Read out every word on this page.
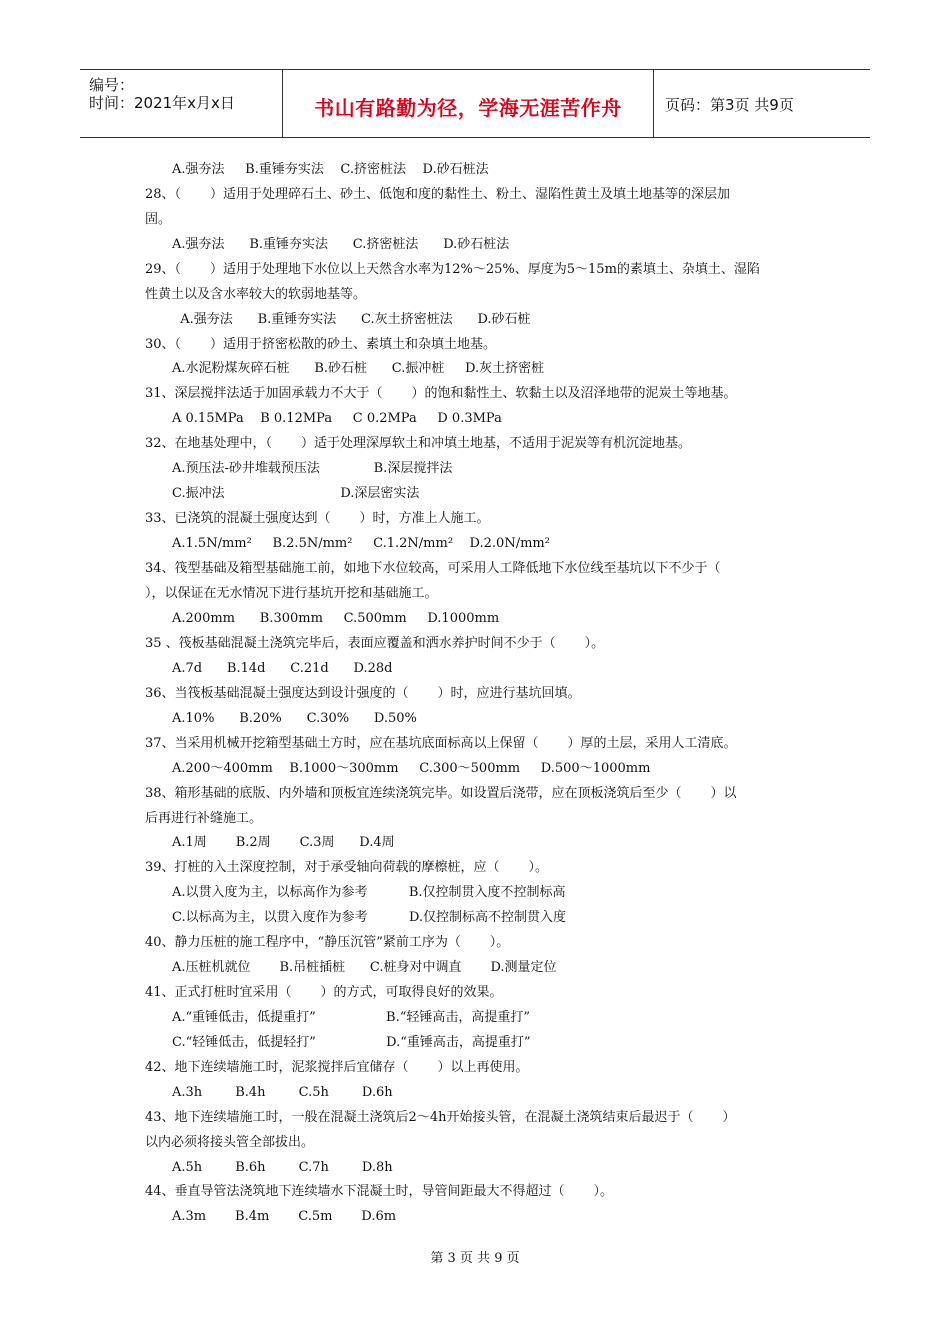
编号：
时间：2021年x月x日	书山有路勤为径，学海无涯苦作舟	页码：第3页 共9页
A.强夯法     B.重锤夯实法    C.挤密桩法    D.砂石桩法
28、（       ）适用于处理碎石土、砂土、低饱和度的黏性土、粉土、湿陷性黄土及填土地基等的深层加
固。
A.强夯法      B.重锤夯实法      C.挤密桩法      D.砂石桩法
29、（       ）适用于处理地下水位以上天然含水率为12%～25%、厚度为5～15m的素填土、杂填土、湿陷
性黄土以及含水率较大的软弱地基等。
A.强夯法      B.重锤夯实法      C.灰土挤密桩法      D.砂石桩
30、（       ）适用于挤密松散的砂土、素填土和杂填土地基。
A.水泥粉煤灰碎石桩      B.砂石桩      C.振冲桩     D.灰土挤密桩
31、深层搅拌法适于加固承载力不大于（       ）的饱和黏性土、软黏土以及沼泽地带的泥炭土等地基。
A 0.15MPa    B 0.12MPa     C 0.2MPa     D 0.3MPa
32、在地基处理中，（       ）适于处理深厚软土和冲填土地基，不适用于泥炭等有机沉淀地基。
A.预压法-砂井堆载预压法             B.深层搅拌法
C.振冲法                            D.深层密实法
33、已浇筑的混凝土强度达到（       ）时，方准上人施工。
A.1.5N/mm²     B.2.5N/mm²     C.1.2N/mm²    D.2.0N/mm²
34、筏型基础及箱型基础施工前，如地下水位较高，可采用人工降低地下水位线至基坑以下不少于（
），以保证在无水情况下进行基坑开挖和基础施工。
A.200mm      B.300mm     C.500mm     D.1000mm
35 、筏板基础混凝土浇筑完毕后，表面应覆盖和洒水养护时间不少于（       ）。
A.7d      B.14d      C.21d      D.28d
36、当筏板基础混凝土强度达到设计强度的（       ）时，应进行基坑回填。
A.10%      B.20%      C.30%      D.50%
37、当采用机械开挖箱型基础土方时，应在基坑底面标高以上保留（       ）厚的土层，采用人工清底。
A.200～400mm    B.1000～300mm     C.300～500mm     D.500～1000mm
38、箱形基础的底版、内外墙和顶板宜连续浇筑完毕。如设置后浇带，应在顶板浇筑后至少（       ）以
后再进行补缝施工。
A.1周       B.2周       C.3周      D.4周
39、打桩的入土深度控制，对于承受轴向荷载的摩檫桩，应（       ）。
A.以贯入度为主，以标高作为参考          B.仅控制贯入度不控制标高
C.以标高为主，以贯入度作为参考          D.仅控制标高不控制贯入度
40、静力压桩的施工程序中，“静压沉管”紧前工序为（       ）。
A.压桩机就位       B.吊桩插桩      C.桩身对中调直       D.测量定位
41、正式打桩时宜采用（       ）的方式，可取得良好的效果。
A.“重锤低击，低提重打”                 B.“轻锤高击，高提重打”
C.“轻锤低击，低提轻打”                 D.“重锤高击，高提重打”
42、地下连续墙施工时，泥浆搅拌后宜储存（       ）以上再使用。
A.3h        B.4h        C.5h        D.6h
43、地下连续墙施工时，一般在混凝土浇筑后2～4h开始接头管，在混凝土浇筑结束后最迟于（       ）
以内必须将接头管全部拔出。
A.5h        B.6h        C.7h        D.8h
44、垂直导管法浇筑地下连续墙水下混凝土时，导管间距最大不得超过（       ）。
A.3m       B.4m       C.5m       D.6m
第 3 页 共 9 页
